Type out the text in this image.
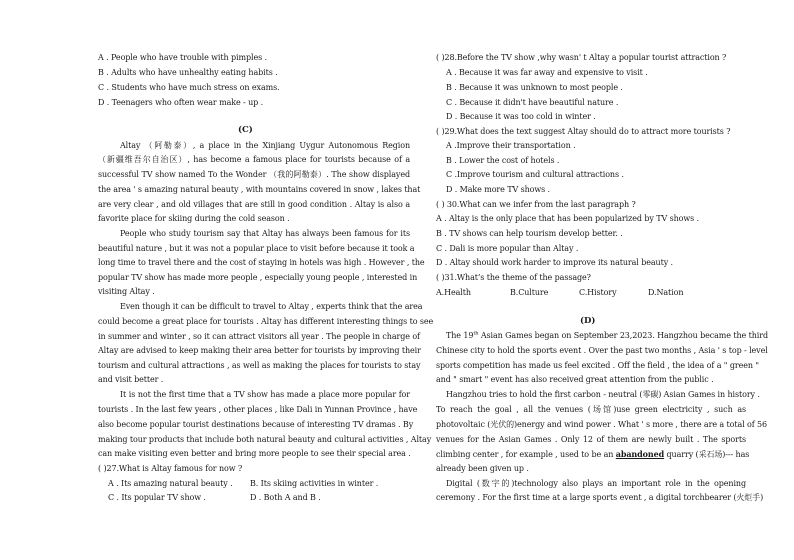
A . People who have trouble with pimples .
B . Adults who have unhealthy eating habits .
C . Students who have much stress on exams.
D . Teenagers who often wear make - up .
(C)
Altay （阿勒泰）, a place in the Xinjiang Uygur Autonomous Region
（新疆维吾尔自治区）, has become a famous place for tourists because of a
successful TV show named To the Wonder （我的阿勒泰）. The show displayed
the area ' s amazing natural beauty , with mountains covered in snow , lakes that
are very clear , and old villages that are still in good condition . Altay is also a
favorite place for skiing during the cold season .
People who study tourism say that Altay has always been famous for its
beautiful nature , but it was not a popular place to visit before because it took a
long time to travel there and the cost of staying in hotels was high . However , the
popular TV show has made more people , especially young people , interested in
visiting Altay .
Even though it can be difficult to travel to Altay , experts think that the area
could become a great place for tourists . Altay has different interesting things to see
in summer and winter , so it can attract visitors all year . The people in charge of
Altay are advised to keep making their area better for tourists by improving their
tourism and cultural attractions , as well as making the places for tourists to stay
and visit better .
It is not the first time that a TV show has made a place more popular for
tourists . In the last few years , other places , like Dali in Yunnan Province , have
also become popular tourist destinations because of interesting TV dramas . By
making tour products that include both natural beauty and cultural activities , Altay
can make visiting even better and bring more people to see their special area .
( )27.What is Altay famous for now ?
A . Its amazing natural beauty . B. Its skiing activities in winter .
C . Its popular TV show .	D . Both A and B .
( )28.Before the TV show ,why wasn' t Altay a popular tourist attraction ?
A . Because it was far away and expensive to visit .
B . Because it was unknown to most people .
C . Because it didn't have beautiful nature .
D . Because it was too cold in winter .
( )29.What does the text suggest Altay should do to attract more tourists ?
A .Improve their transportation .
B . Lower the cost of hotels .
C .Improve tourism and cultural attractions .
D . Make more TV shows .
( ) 30.What can we infer from the last paragraph ?
A . Altay is the only place that has been popularized by TV shows .
B . TV shows can help tourism develop better. .
C . Dali is more popular than Altay .
D . Altay should work harder to improve its natural beauty .
( )31.What’s the theme of the passage?
A.Health	B.Culture	C.History	D.Nation
(D)
The 19th Asian Games began on September 23,2023. Hangzhou became the third
Chinese city to hold the sports event . Over the past two months , Asia ' s top - level
sports competition has made us feel excited . Off the field , the idea of a " green "
and " smart " event has also received great attention from the public .
Hangzhou tries to hold the first carbon - neutral (零碳) Asian Games in history .
To reach the goal , all the venues (场馆)use green electricity , such as
photovoltaic (光伏的)energy and wind power . What ' s more , there are a total of 56
venues for the Asian Games . Only 12 of them are newly built . The sports
climbing center , for example , used to be an abandoned quarry (采石场)--- has
already been given up .
Digital (数字的)technology also plays an important role in the opening
ceremony . For the first time at a large sports event , a digital torchbearer (火炬手)
